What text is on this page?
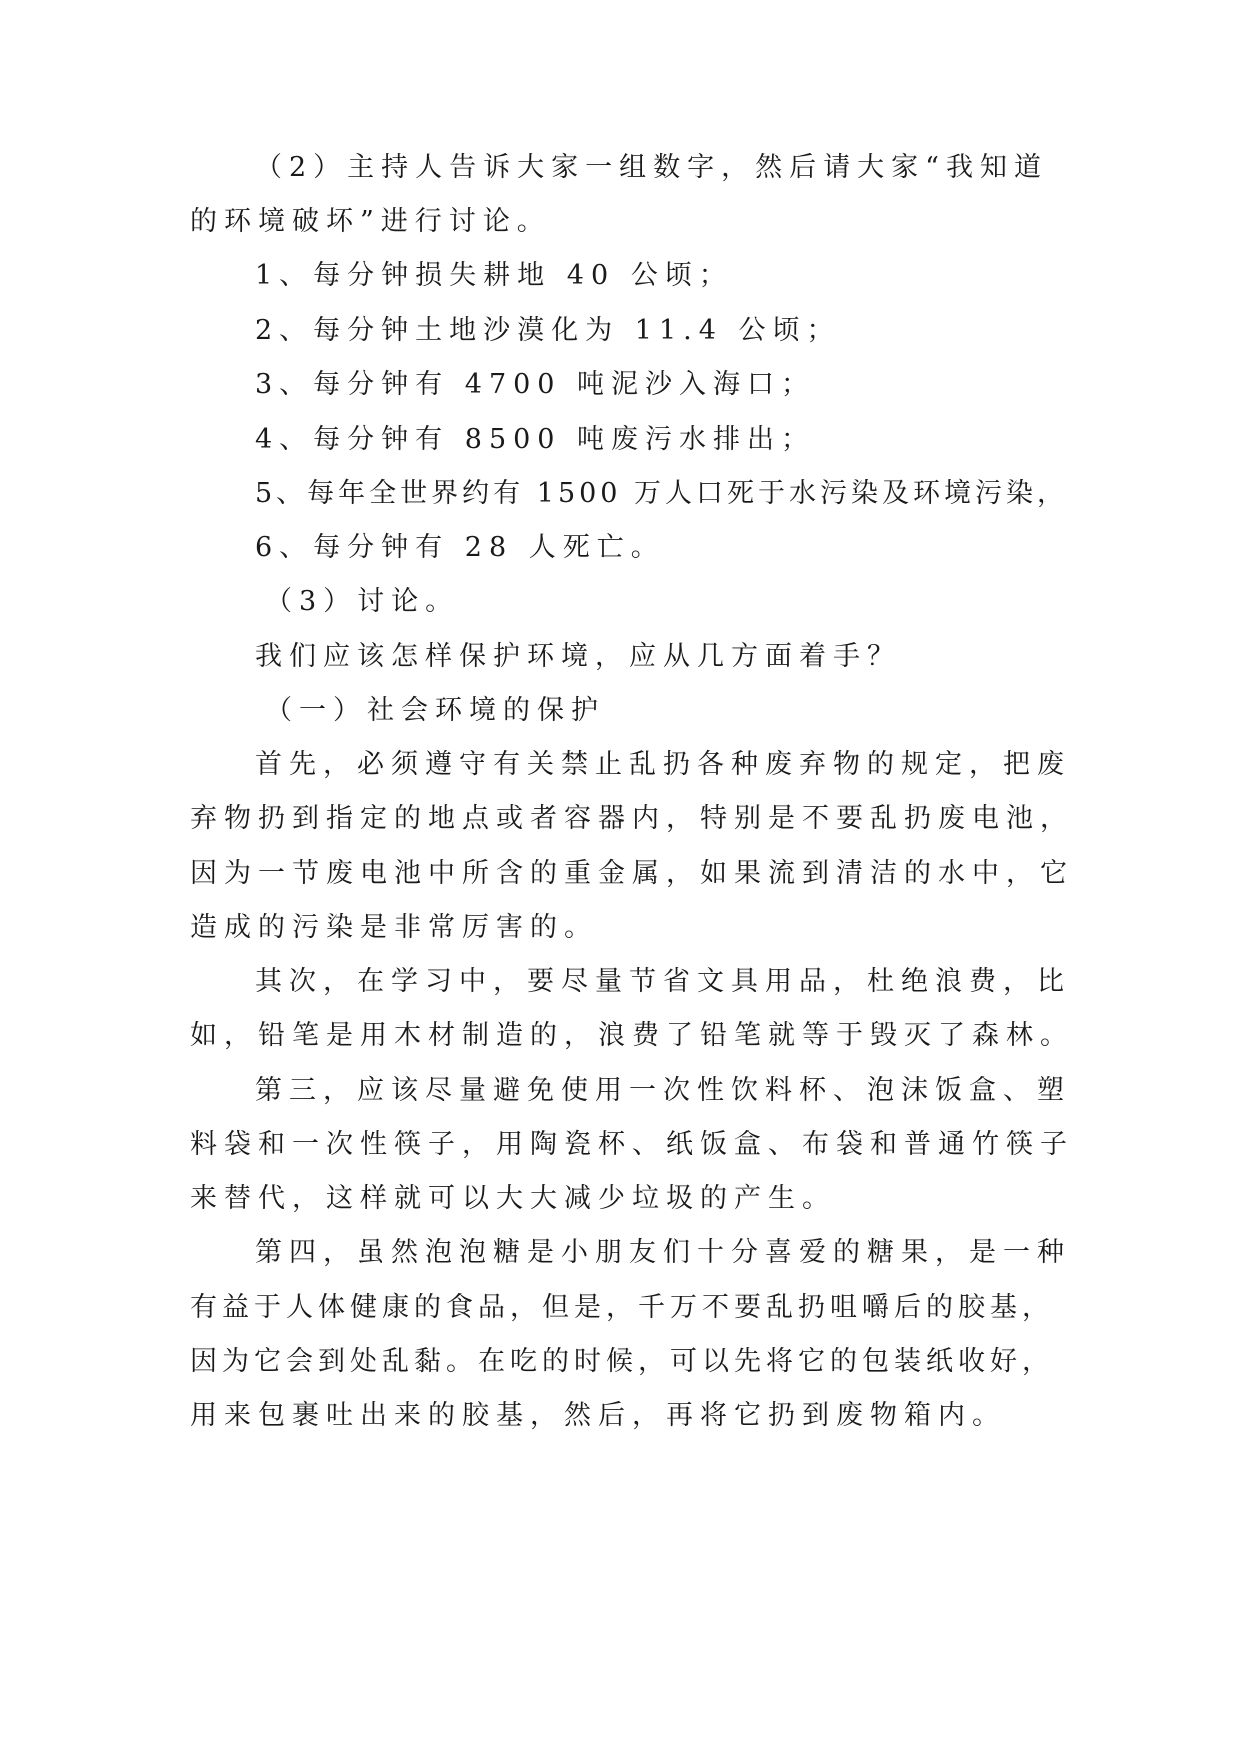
（2）主持人告诉大家一组数字，然后请大家“我知道
的环境破坏”进行讨论。
1、每分钟损失耕地 40 公顷；
2、每分钟土地沙漠化为 11.4 公顷；
3、每分钟有 4700 吨泥沙入海口；
4、每分钟有 8500 吨废污水排出；
5、每年全世界约有 1500 万人口死于水污染及环境污染，
6、每分钟有 28 人死亡。
（3）讨论。
我们应该怎样保护环境，应从几方面着手？
（一）社会环境的保护
首先，必须遵守有关禁止乱扔各种废弃物的规定，把废
弃物扔到指定的地点或者容器内，特别是不要乱扔废电池，
因为一节废电池中所含的重金属，如果流到清洁的水中，它
造成的污染是非常厉害的。
其次，在学习中，要尽量节省文具用品，杜绝浪费，比
如，铅笔是用木材制造的，浪费了铅笔就等于毁灭了森林。
第三，应该尽量避免使用一次性饮料杯、泡沫饭盒、塑
料袋和一次性筷子，用陶瓷杯、纸饭盒、布袋和普通竹筷子
来替代，这样就可以大大减少垃圾的产生。
第四，虽然泡泡糖是小朋友们十分喜爱的糖果，是一种
有益于人体健康的食品，但是，千万不要乱扔咀嚼后的胶基，
因为它会到处乱黏。在吃的时候，可以先将它的包装纸收好，
用来包裹吐出来的胶基，然后，再将它扔到废物箱内。
